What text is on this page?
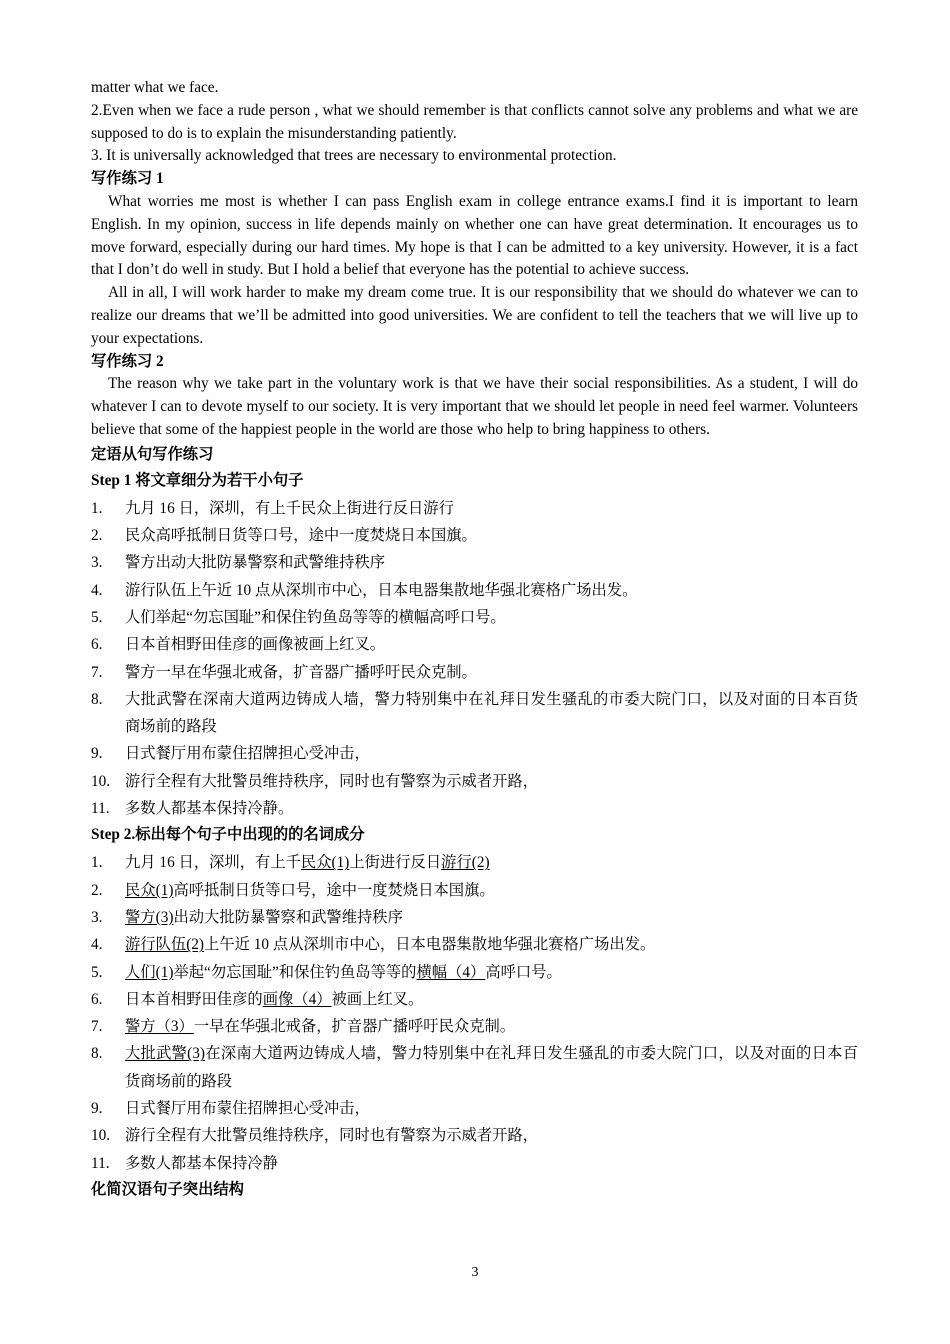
matter what we face.

2.Even when we face a rude person , what we should remember is that conflicts cannot solve any problems and what we are supposed to do is to explain the misunderstanding patiently.

3. It is universally acknowledged that trees are necessary to environmental protection.

写作练习 1

What worries me most is whether I can pass English exam in college entrance exams.I find it is important to learn English. In my opinion, success in life depends mainly on whether one can have great determination. It encourages us to move forward, especially during our hard times. My hope is that I can be admitted to a key university. However, it is a fact that I don’t do well in study. But I hold a belief that everyone has the potential to achieve success.

All in all, I will work harder to make my dream come true. It is our responsibility that we should do whatever we can to realize our dreams that we’ll be admitted into good universities. We are confident to tell the teachers that we will live up to your expectations.

写作练习 2

The reason why we take part in the voluntary work is that we have their social responsibilities. As a student, I will do whatever I can to devote myself to our society. It is very important that we should let people in need feel warmer. Volunteers believe that some of the happiest people in the world are those who help to bring happiness to others.

定语从句写作练习

Step 1 将文章细分为若干小句子

1.	九月 16 日，深圳，有上千民众上街进行反日游行
2.	民众高呼抵制日货等口号，途中一度焚烧日本国旗。
3.	警方出动大批防暴警察和武警维持秩序
4.	游行队伍上午近 10 点从深圳市中心，日本电器集散地华强北赛格广场出发。
5.	人们举起“勿忘国耻”和保住钓鱼岛等等的横幅高呼口号。
6.	日本首相野田佳彦的画像被画上红叉。
7.	警方一早在华强北戒备，扩音器广播呼吁民众克制。
8.	大批武警在深南大道两边铸成人墙，警力特别集中在礼拜日发生骚乱的市委大院门口，以及对面的日本百货商场前的路段
9.	日式餐厅用布蒙住招牌担心受冲击，
10. 游行全程有大批警员维持秩序，同时也有警察为示威者开路，
11.	多数人都基本保持冷静。

Step 2.标出每个句子中出现的的名词成分

1.	九月 16 日，深圳，有上千民众(1)上街进行反日游行(2)
2.	民众(1)高呼抵制日货等口号，途中一度焚烧日本国旗。
3.	警方(3)出动大批防暴警察和武警维持秩序
4.	游行队伍(2)上午近 10 点从深圳市中心，日本电器集散地华强北赛格广场出发。
5.	人们(1)举起“勿忘国耻”和保住钓鱼岛等等的横幅（4）高呼口号。
6.	日本首相野田佳彦的画像（4）被画上红叉。
7.	警方（3）一早在华强北戒备，扩音器广播呼吁民众克制。
8.	大批武警(3)在深南大道两边铸成人墙，警力特别集中在礼拜日发生骚乱的市委大院门口，以及对面的日本百货商场前的路段
9.	日式餐厅用布蒙住招牌担心受冲击，
10. 游行全程有大批警员维持秩序，同时也有警察为示威者开路，
11.	多数人都基本保持冷静

化简汉语句子突出结构

3
